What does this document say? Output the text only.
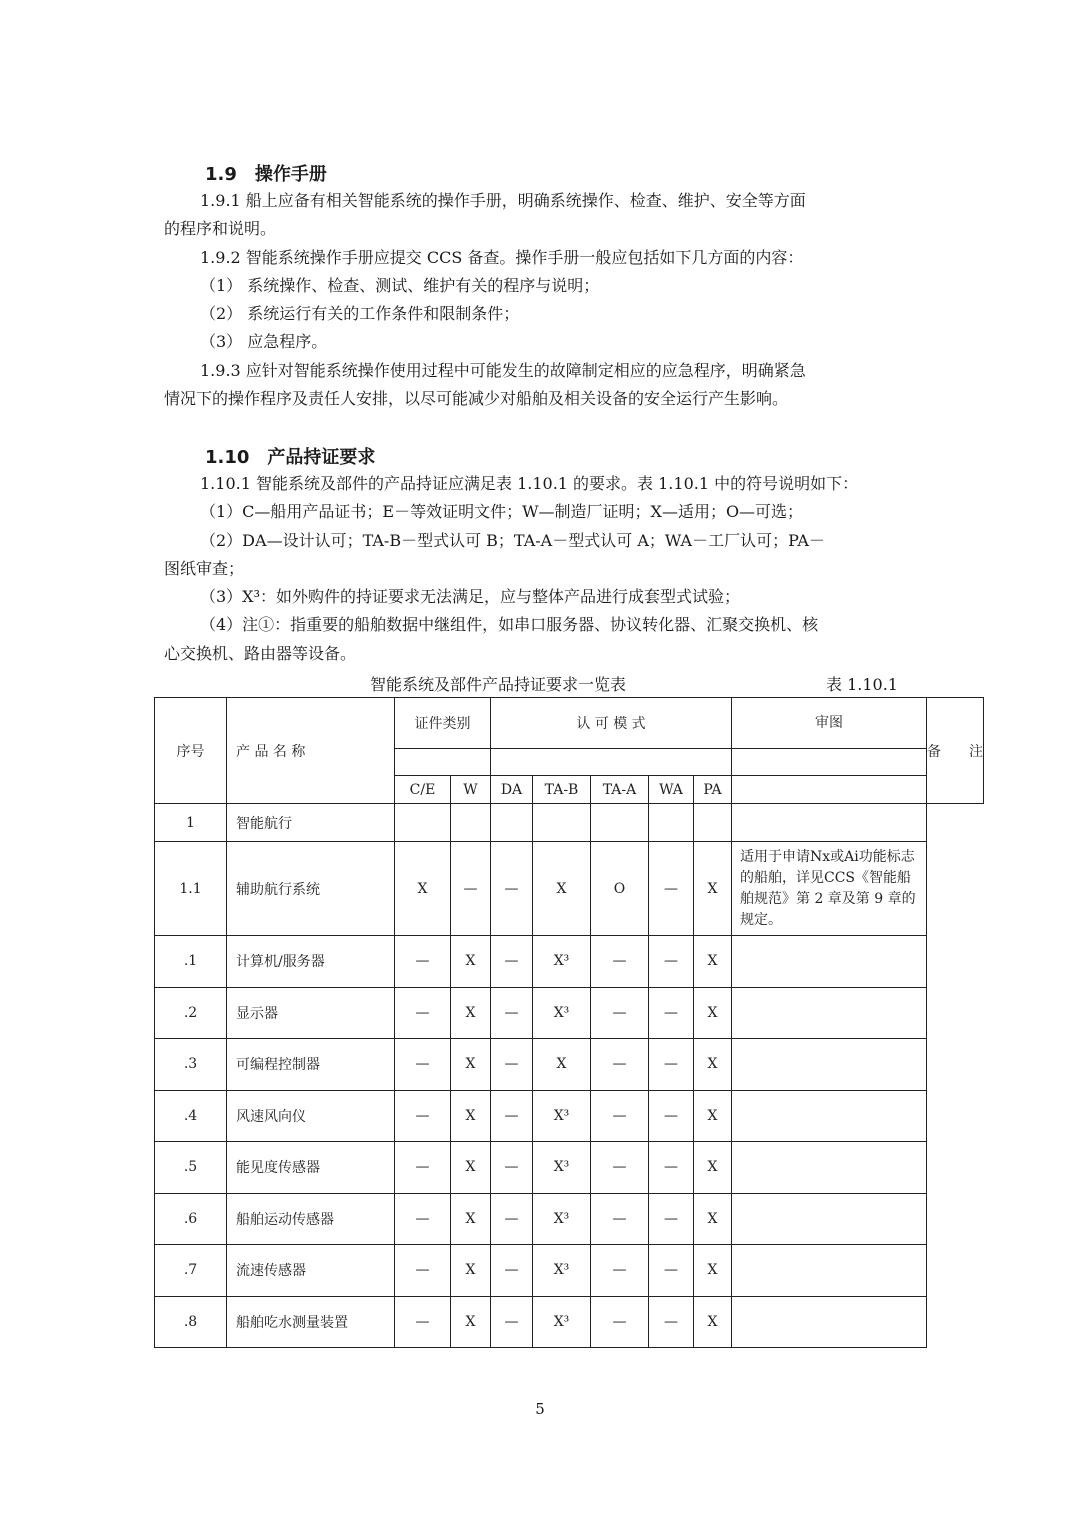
1.9　操作手册
1.9.1 船上应备有相关智能系统的操作手册，明确系统操作、检查、维护、安全等方面
的程序和说明。
1.9.2 智能系统操作手册应提交 CCS 备查。操作手册一般应包括如下几方面的内容：
（1） 系统操作、检查、测试、维护有关的程序与说明；
（2） 系统运行有关的工作条件和限制条件；
（3） 应急程序。
1.9.3 应针对智能系统操作使用过程中可能发生的故障制定相应的应急程序，明确紧急
情况下的操作程序及责任人安排，以尽可能减少对船舶及相关设备的安全运行产生影响。
1.10　产品持证要求
1.10.1 智能系统及部件的产品持证应满足表 1.10.1 的要求。表 1.10.1 中的符号说明如下：
（1）C—船用产品证书；E－等效证明文件；W—制造厂证明；X—适用；O—可选；
（2）DA—设计认可；TA-B－型式认可 B；TA-A－型式认可 A；WA－工厂认可；PA－
图纸审查；
（3）X³：如外购件的持证要求无法满足，应与整体产品进行成套型式试验；
（4）注①：指重要的船舶数据中继组件，如串口服务器、协议转化器、汇聚交换机、核
心交换机、路由器等设备。
智能系统及部件产品持证要求一览表	表 1.10.1
序号	产 品 名 称	证件类别		认 可 模 式					审图	备　　注

		C/E	W	DA	TA-B	TA-A	WA	PA		
1	智能航行									
1.1	辅助航行系统	X	—	—	X	O	—	X	适用于申请Nx或Ai功能标志的船舶，详见CCS《智能船舶规范》第 2 章及第 9 章的规定。	
.1	计算机/服务器	—	X	—	X³	—	—	X		
.2	显示器	—	X	—	X³	—	—	X		
.3	可编程控制器	—	X	—	X	—	—	X		
.4	风速风向仪	—	X	—	X³	—	—	X		
.5	能见度传感器	—	X	—	X³	—	—	X		
.6	船舶运动传感器	—	X	—	X³	—	—	X		
.7	流速传感器	—	X	—	X³	—	—	X		
.8	船舶吃水测量装置	—	X	—	X³	—	—	X		
5
